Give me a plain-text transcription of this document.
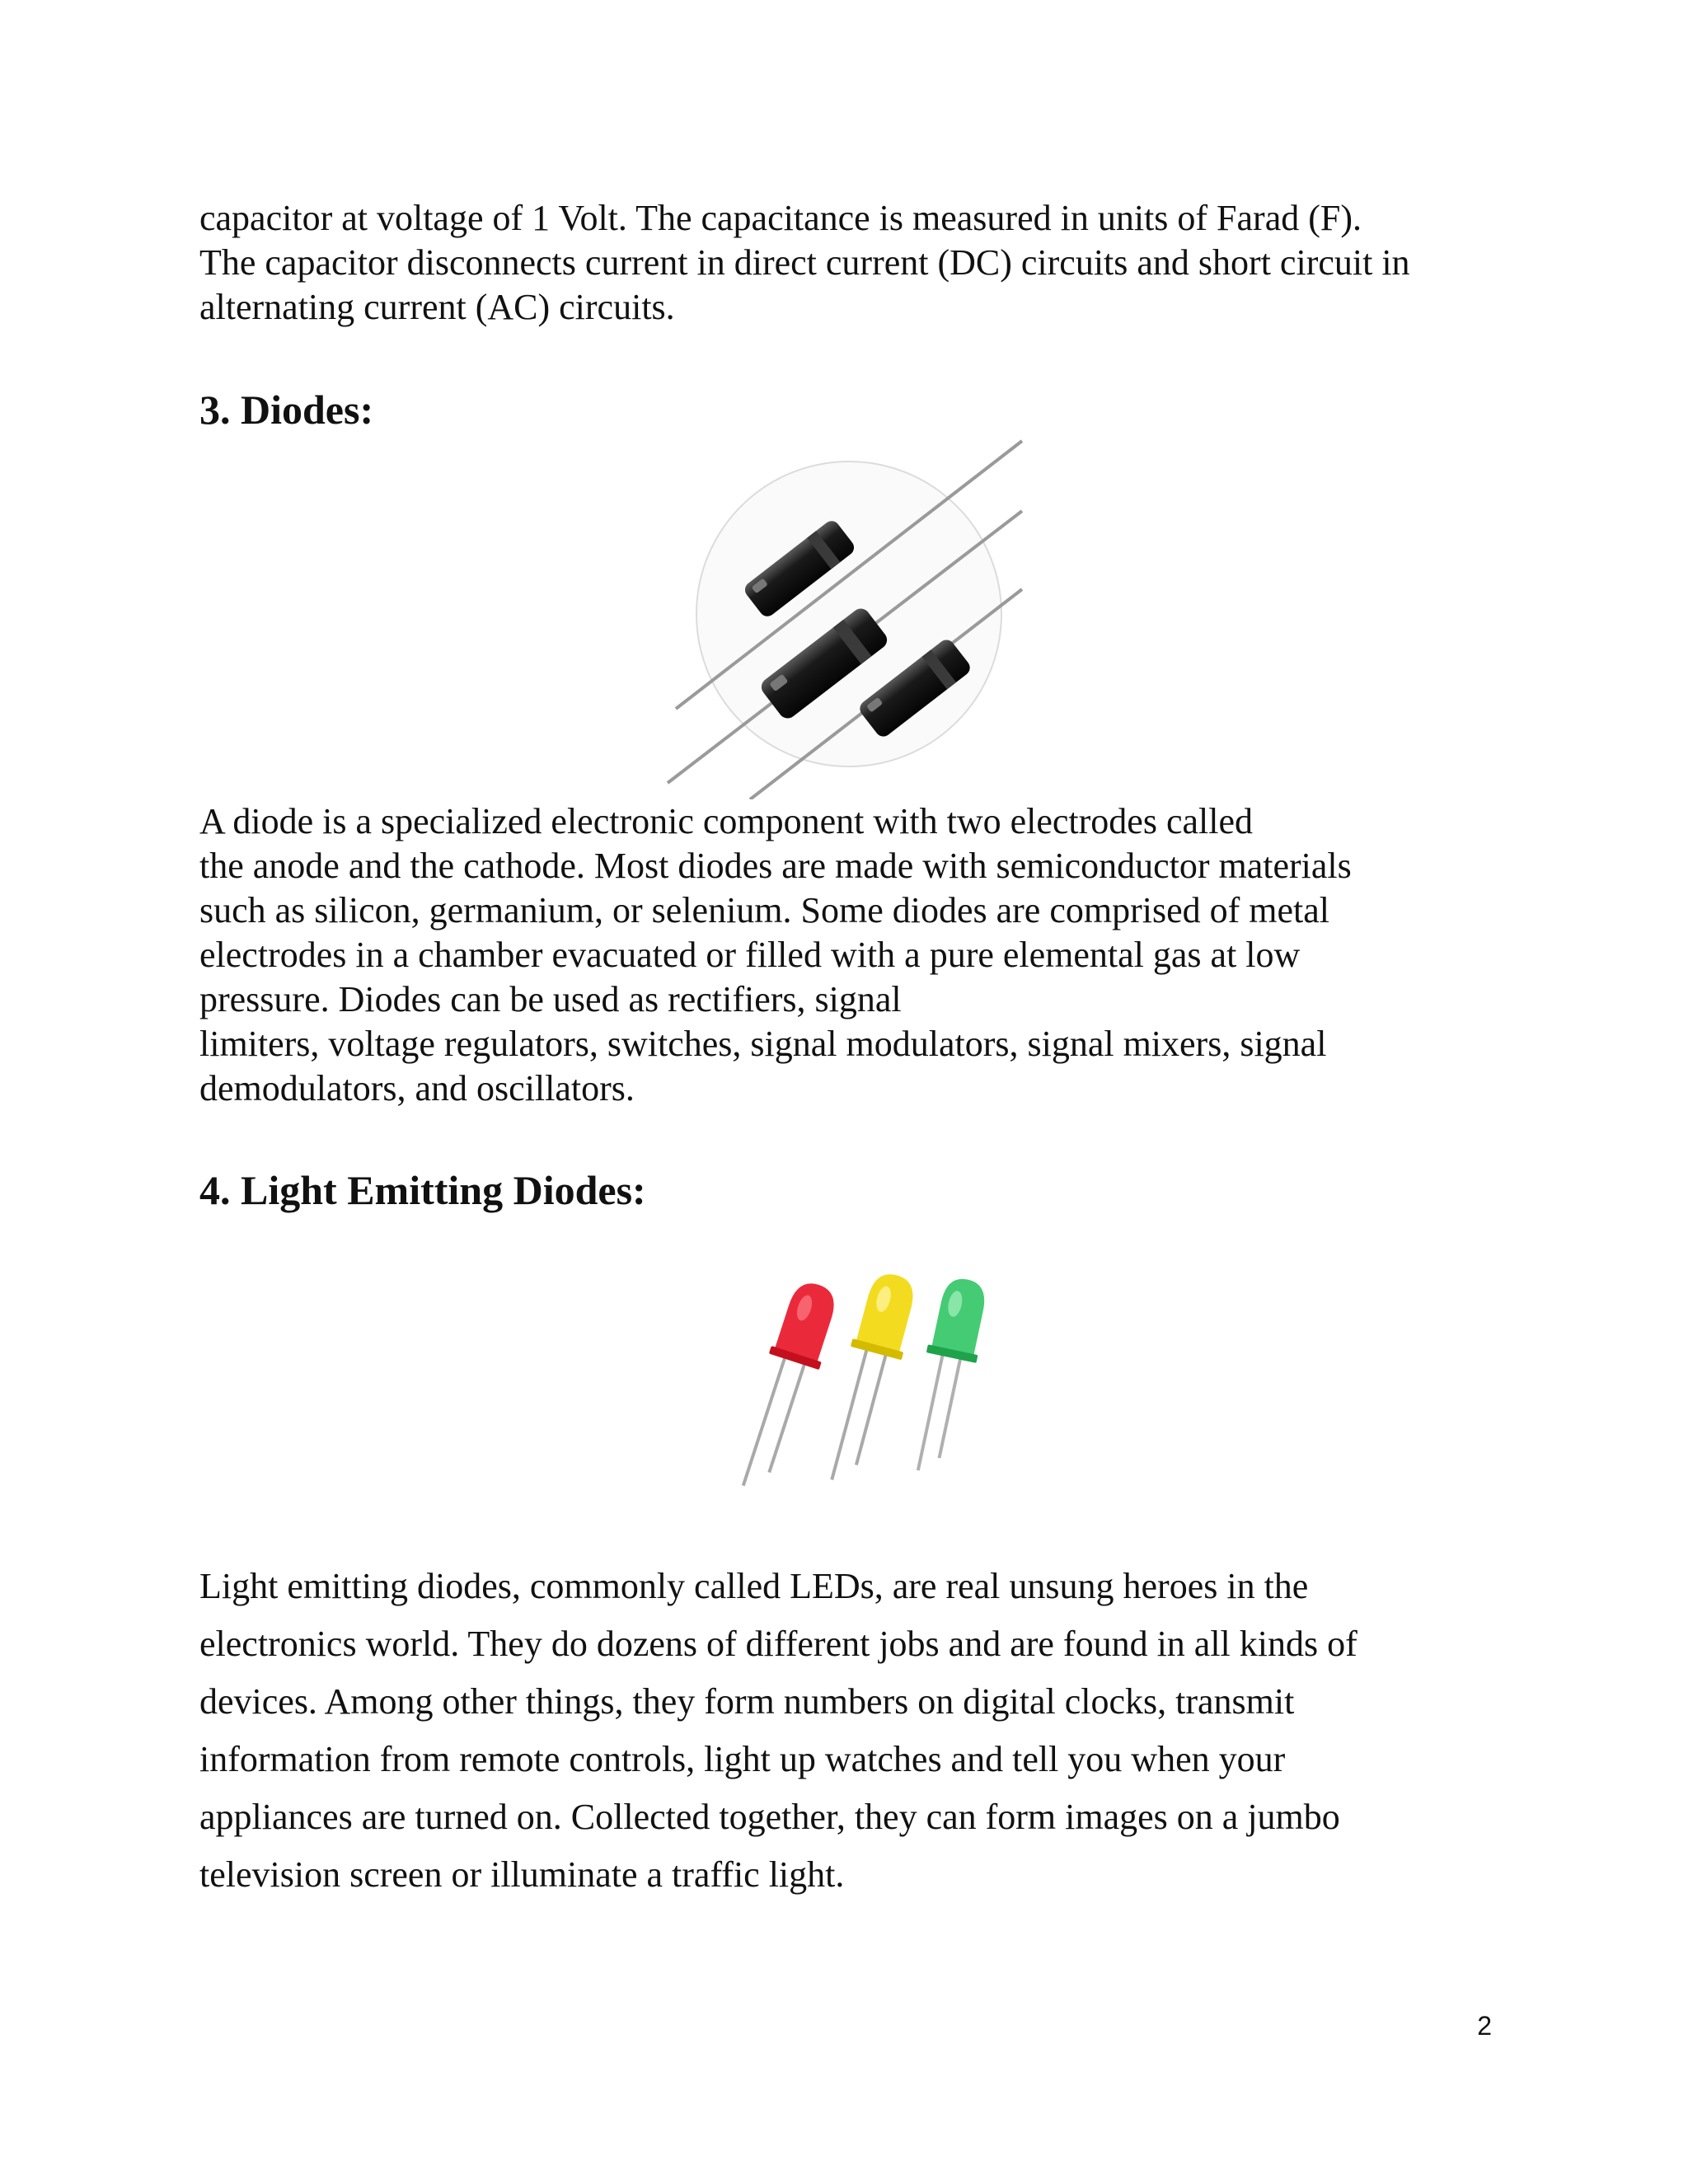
capacitor at voltage of 1 Volt. The capacitance is measured in units of Farad (F).
The capacitor disconnects current in direct current (DC) circuits and short circuit in
alternating current (AC) circuits.

3. Diodes:

A diode is a specialized electronic component with two electrodes called
the anode and the cathode. Most diodes are made with semiconductor materials
such as silicon, germanium, or selenium. Some diodes are comprised of metal
electrodes in a chamber evacuated or filled with a pure elemental gas at low
pressure. Diodes can be used as rectifiers, signal
limiters, voltage regulators, switches, signal modulators, signal mixers, signal
demodulators, and oscillators.

4. Light Emitting Diodes:

Light emitting diodes, commonly called LEDs, are real unsung heroes in the
electronics world. They do dozens of different jobs and are found in all kinds of
devices. Among other things, they form numbers on digital clocks, transmit
information from remote controls, light up watches and tell you when your
appliances are turned on. Collected together, they can form images on a jumbo
television screen or illuminate a traffic light.

2
